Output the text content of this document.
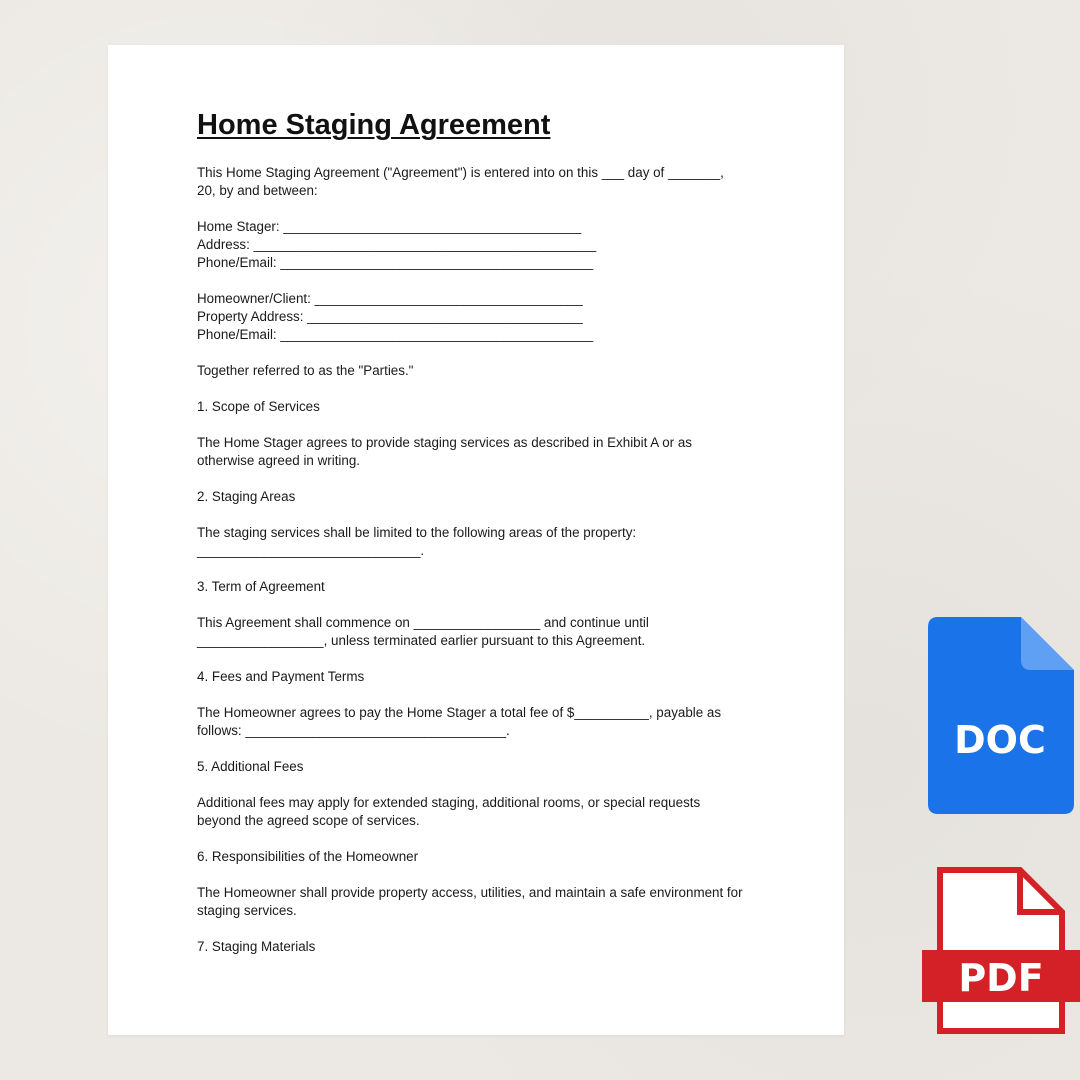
Home Staging Agreement

This Home Staging Agreement ("Agreement") is entered into on this ___ day of _______,
20, by and between:

Home Stager: ________________________________________

Address: ______________________________________________

Phone/Email: __________________________________________

Homeowner/Client: ____________________________________

Property Address: _____________________________________

Phone/Email: __________________________________________

Together referred to as the "Parties."

1. Scope of Services

The Home Stager agrees to provide staging services as described in Exhibit A or as
otherwise agreed in writing.

2. Staging Areas

The staging services shall be limited to the following areas of the property:
______________________________.

3. Term of Agreement

This Agreement shall commence on _________________ and continue until
_________________, unless terminated earlier pursuant to this Agreement.

4. Fees and Payment Terms

The Homeowner agrees to pay the Home Stager a total fee of $__________, payable as
follows: ___________________________________.

5. Additional Fees

Additional fees may apply for extended staging, additional rooms, or special requests
beyond the agreed scope of services.

6. Responsibilities of the Homeowner

The Homeowner shall provide property access, utilities, and maintain a safe environment for
staging services.

7. Staging Materials

DOC
PDF
